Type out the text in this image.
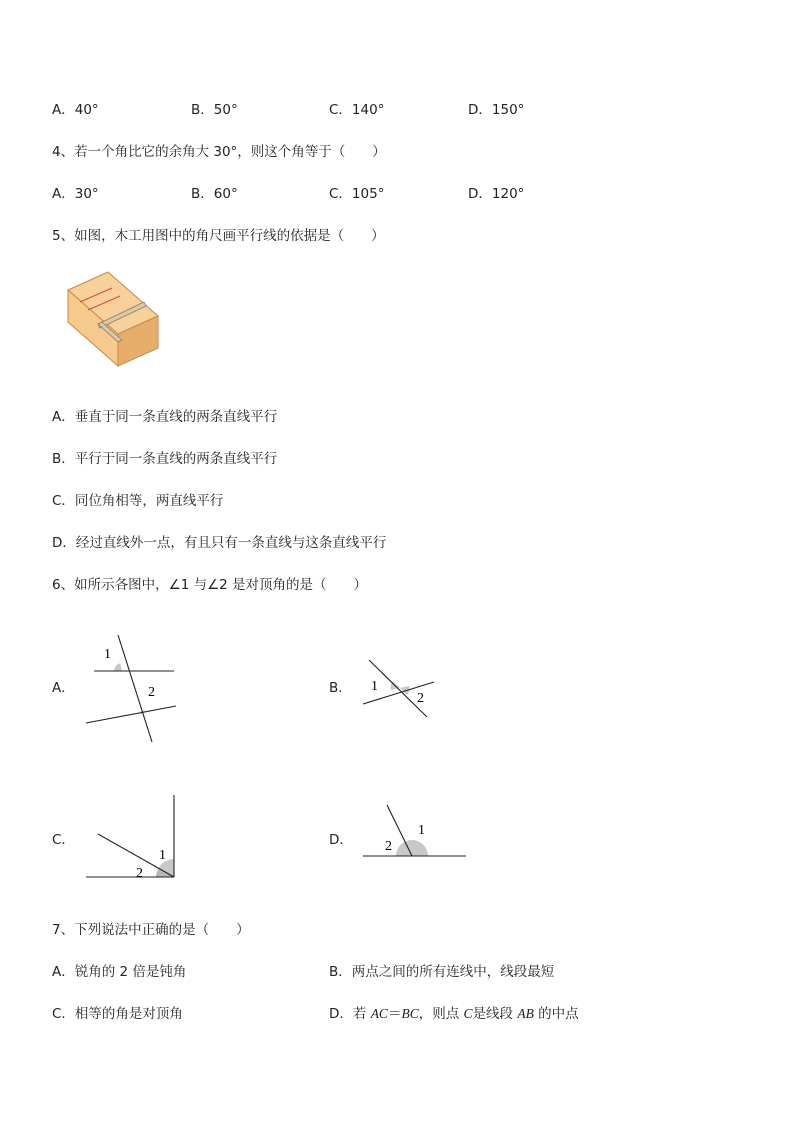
A．40°	B．50°	C．140°	D．150°
4、若一个角比它的余角大 30°，则这个角等于（　　）
A．30°	B．60°	C．105°	D．120°
5、如图，木工用图中的角尺画平行线的依据是（　　）
A．垂直于同一条直线的两条直线平行
B．平行于同一条直线的两条直线平行
C．同位角相等，两直线平行
D．经过直线外一点，有且只有一条直线与这条直线平行
6、如所示各图中，∠1 与∠2 是对顶角的是（　　）
A．
1
2	B． 1
2
C．
1
2
D．
1
2
7、下列说法中正确的是（　　）
A．锐角的 2 倍是钝角	B．两点之间的所有连线中，线段最短
C．相等的角是对顶角	D．若 AC＝BC，则点 C是线段 AB 的中点
